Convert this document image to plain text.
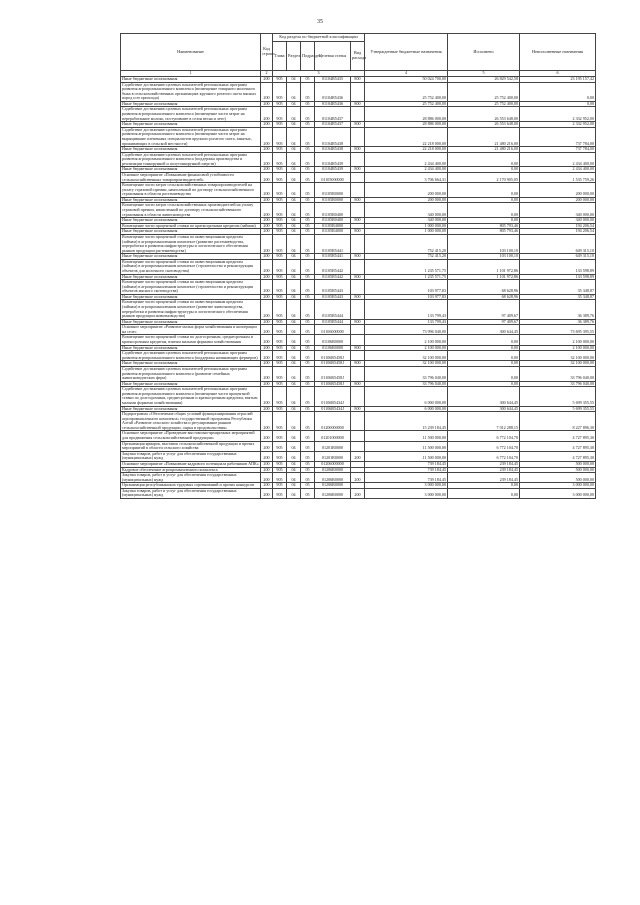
35
Наименование	Код строки	Код раздела по бюджетной классификации					Утвержденные бюджетные назначения	Исполнено	Неисполненные назначения
		Глава	Раздел	Подраздел	Целевая статья	Вид расхода			
1	2	3					4	5	6
Иные бюджетные ассигнования	200	905	04	05	01104R5435	800	50 024 700,00	26 829 542,58	23 195 157,42
Содействие достижению целевых показателей региональных программ развития агропромышленного комплекса (возмещение товарного молочного быка в сельскохозяйственных организациях крупного рогатого скота мясных пород и ее приплода)	200	905	04	05	01104R5436		25 752 400,00	25 752 400,00	0,00
Иные бюджетные ассигнования	200	905	04	05	01104R5436	800	25 752 400,00	25 752 400,00	0,00
Содействие достижению целевых показателей региональных программ развития агропромышленного комплекса (возмещение части затрат на переработанное молоко, поступившее в сезон весна и лето)	200	905	04	05	01104R5437		28 886 000,00	26 553 648,00	2 332 952,00
Иные бюджетные ассигнования	200	905	04	05	01104R5437	800	28 886 000,00	26 553 648,00	2 332 952,00
Содействие достижению целевых показателей региональных программ развития агропромышленного комплекса (возмещение части затрат на выращивание племенных специалистов крупного рогатого скота, занятых, проживающих в сельской местности)	200	905	04	05	01104R5438		22 218 000,00	21 480 216,00	737 784,00
Иные бюджетные ассигнования	200	905	04	05	01104R5438	800	22 218 000,00	21 480 216,00	737 784,00
Содействие достижению целевых показателей региональных программ развития агропромышленного комплекса (поддержка производства и реализации тонкорунной и полутонкорунной шерсти)	200	905	04	05	01104R5439		2 434 400,00	0,00	2 434 400,00
Иные бюджетные ассигнования	200	905	04	05	01104R5439	800	2 434 400,00	0,00	2 434 400,00
Основное мероприятие «Повышение финансовой устойчивости сельскохозяйственных товаропроизводителей»	200	905	04	05	01105000000		3 706 664,31	2 170 905,05	1 535 759,26
Возмещение части затрат сельскохозяйственных товаропроизводителей на уплату страховой премии, начисленной по договору сельскохозяйственного страхования в области растениеводства	200	905	04	05	01105R0000		200 000,00	0,00	200 000,00
Иные бюджетные ассигнования	200	905	04	05	01105R0000	800	200 000,00	0,00	200 000,00
Возмещение части затрат сельскохозяйственных производителей на уплату страховой премии, начисленной по договору сельскохозяйственного страхования в области животноводства	200	905	04	05	01105R0400		340 000,00	0,00	340 000,00
Иные бюджетные ассигнования	200	905	04	05	01105R0400	800	340 000,00	0,00	340 000,00
Возмещение части процентной ставки по краткосрочным кредитам (займам)	200	905	04	05	01105R4000		1 000 000,00	805 793,46	194 206,54
Иные бюджетные ассигнования	200	905	04	05	01105R4000	800	1 000 000,00	805 793,46	194 206,54
Возмещение части процентной ставки по инвестиционным кредитам (займам) в агропромышленном комплексе (развитие растениеводства, переработки и развития инфраструктуры и логистического обеспечения рынков продукции растениеводства)	200	905	04	05	01105R5441		752 415,20	103 100,10	649 315,10
Иные бюджетные ассигнования	200	905	04	05	01105R5441	800	752 415,20	103 100,10	649 315,10
Возмещение части процентной ставки по инвестиционным кредитам (займам) в агропромышленном комплексе (строительство и реконструкция объектов для молочного скотоводства)	200	905	04	05	01105R5442		1 235 571,75	1 101 972,86	133 598,89
Иные бюджетные ассигнования	200	905	04	05	01105R5442	800	1 235 571,75	1 101 972,86	133 598,89
Возмещение части процентной ставки по инвестиционным кредитам (займам) в агропромышленном комплексе (строительство и реконструкция объектов мясного скотоводства)	200	905	04	05	01105R5443		103 977,83	68 628,96	35 348,87
Иные бюджетные ассигнования	200	905	04	05	01105R5443	800	103 977,83	68 628,96	35 348,87
Возмещение части процентной ставки по инвестиционным кредитам (займам) в агропромышленном комплексе (развитие животноводства, переработки и развития инфраструктуры и логистического обеспечения рынков продукции животноводства)	200	905	04	05	01105R5444		133 799,43	97 409,67	36 389,76
Иные бюджетные ассигнования	200	905	04	05	01105R5444	800	133 799,43	97 409,67	36 389,76
Основное мероприятие «Развитие малых форм хозяйствования и кооперации на селе»	200	905	04	05	01106000000		73 996 040,00	300 644,45	73 695 395,55
Возмещение части процентной ставки по долгосрочным, среднесрочным и краткосрочным кредитам, взятым малыми формами хозяйствования	200	905	04	05	01106R0000		2 100 000,00	0,00	2 100 000,00
Иные бюджетные ассигнования	200	905	04	05	01106R0000	800	2 100 000,00	0,00	2 100 000,00
Содействие достижению целевых показателей региональных программ развития агропромышленного комплекса (поддержка начинающих фермеров)	200	905	04	05	01106R5458J		32 100 000,00	0,00	32 100 000,00
Иные бюджетные ассигнования	200	905	04	05	01106R5458J	800	32 100 000,00	0,00	32 100 000,00
Содействие достижению целевых показателей региональных программ развития агропромышленного комплекса (развитие семейных животноводческих ферм)	200	905	04	05	01106R5458J		33 796 040,00	0,00	33 796 040,00
Иные бюджетные ассигнования	200	905	04	05	01106R5458J	800	33 796 040,00	0,00	33 796 040,00
Содействие достижению целевых показателей региональных программ развития агропромышленного комплекса (возмещение части процентной ставки по долгосрочным, среднесрочным и краткосрочным кредитам, взятым малыми формами хозяйствования)	200	905	04	05	01106R5434J		6 000 000,00	300 644,45	5 699 355,55
Иные бюджетные ассигнования	200	905	04	05	01106R5434J	800	6 000 000,00	300 644,45	5 699 355,55
Подпрограмма «Обеспечение общих условий функционирования отраслей агропромышленного комплекса» государственной программы Республики Алтай «Развитие сельского хозяйства и регулирование рынков сельскохозяйственной продукции, сырья и продовольствия»	200	905	04	05	01200000000		15 239 184,45	7 012 288,15	8 227 896,30
Основное мероприятие «Проведение выставочно-ярмарочных мероприятий для продвижения сельскохозяйственной продукции»	200	905	04	05	01201000000		11 500 000,00	6 772 104,70	4 727 895,30
Организация ярмарок, выставок сельскохозяйственной продукции и прочих мероприятий в области сельского хозяйства	200	905	04	05	01201R0000		11 500 000,00	6 772 104,70	4 727 895,30
Закупка товаров, работ и услуг для обеспечения государственных (муниципальных) нужд	200	905	04	05	01201R0000	200	11 500 000,00	6 772 104,70	4 727 895,30
Основное мероприятие «Повышение кадрового потенциала работников АПК»	200	905	04	05	01206000000		739 184,45	239 184,45	500 000,00
Кадровое обеспечение агропромышленного комплекса	200	905	04	05	01206R0000		739 184,45	239 184,45	500 000,00
Закупка товаров, работ и услуг для обеспечения государственных (муниципальных) нужд	200	905	04	05	01206R0000	200	739 184,45	239 184,45	500 000,00
Организация республиканских трудовых соревнований и прочих конкурсов	200	905	04	05	01206R0000		3 000 000,00	0,00	3 000 000,00
Закупка товаров, работ и услуг для обеспечения государственных (муниципальных) нужд	200	905	04	05	01206R0000	200	3 000 000,00	0,00	3 000 000,00
